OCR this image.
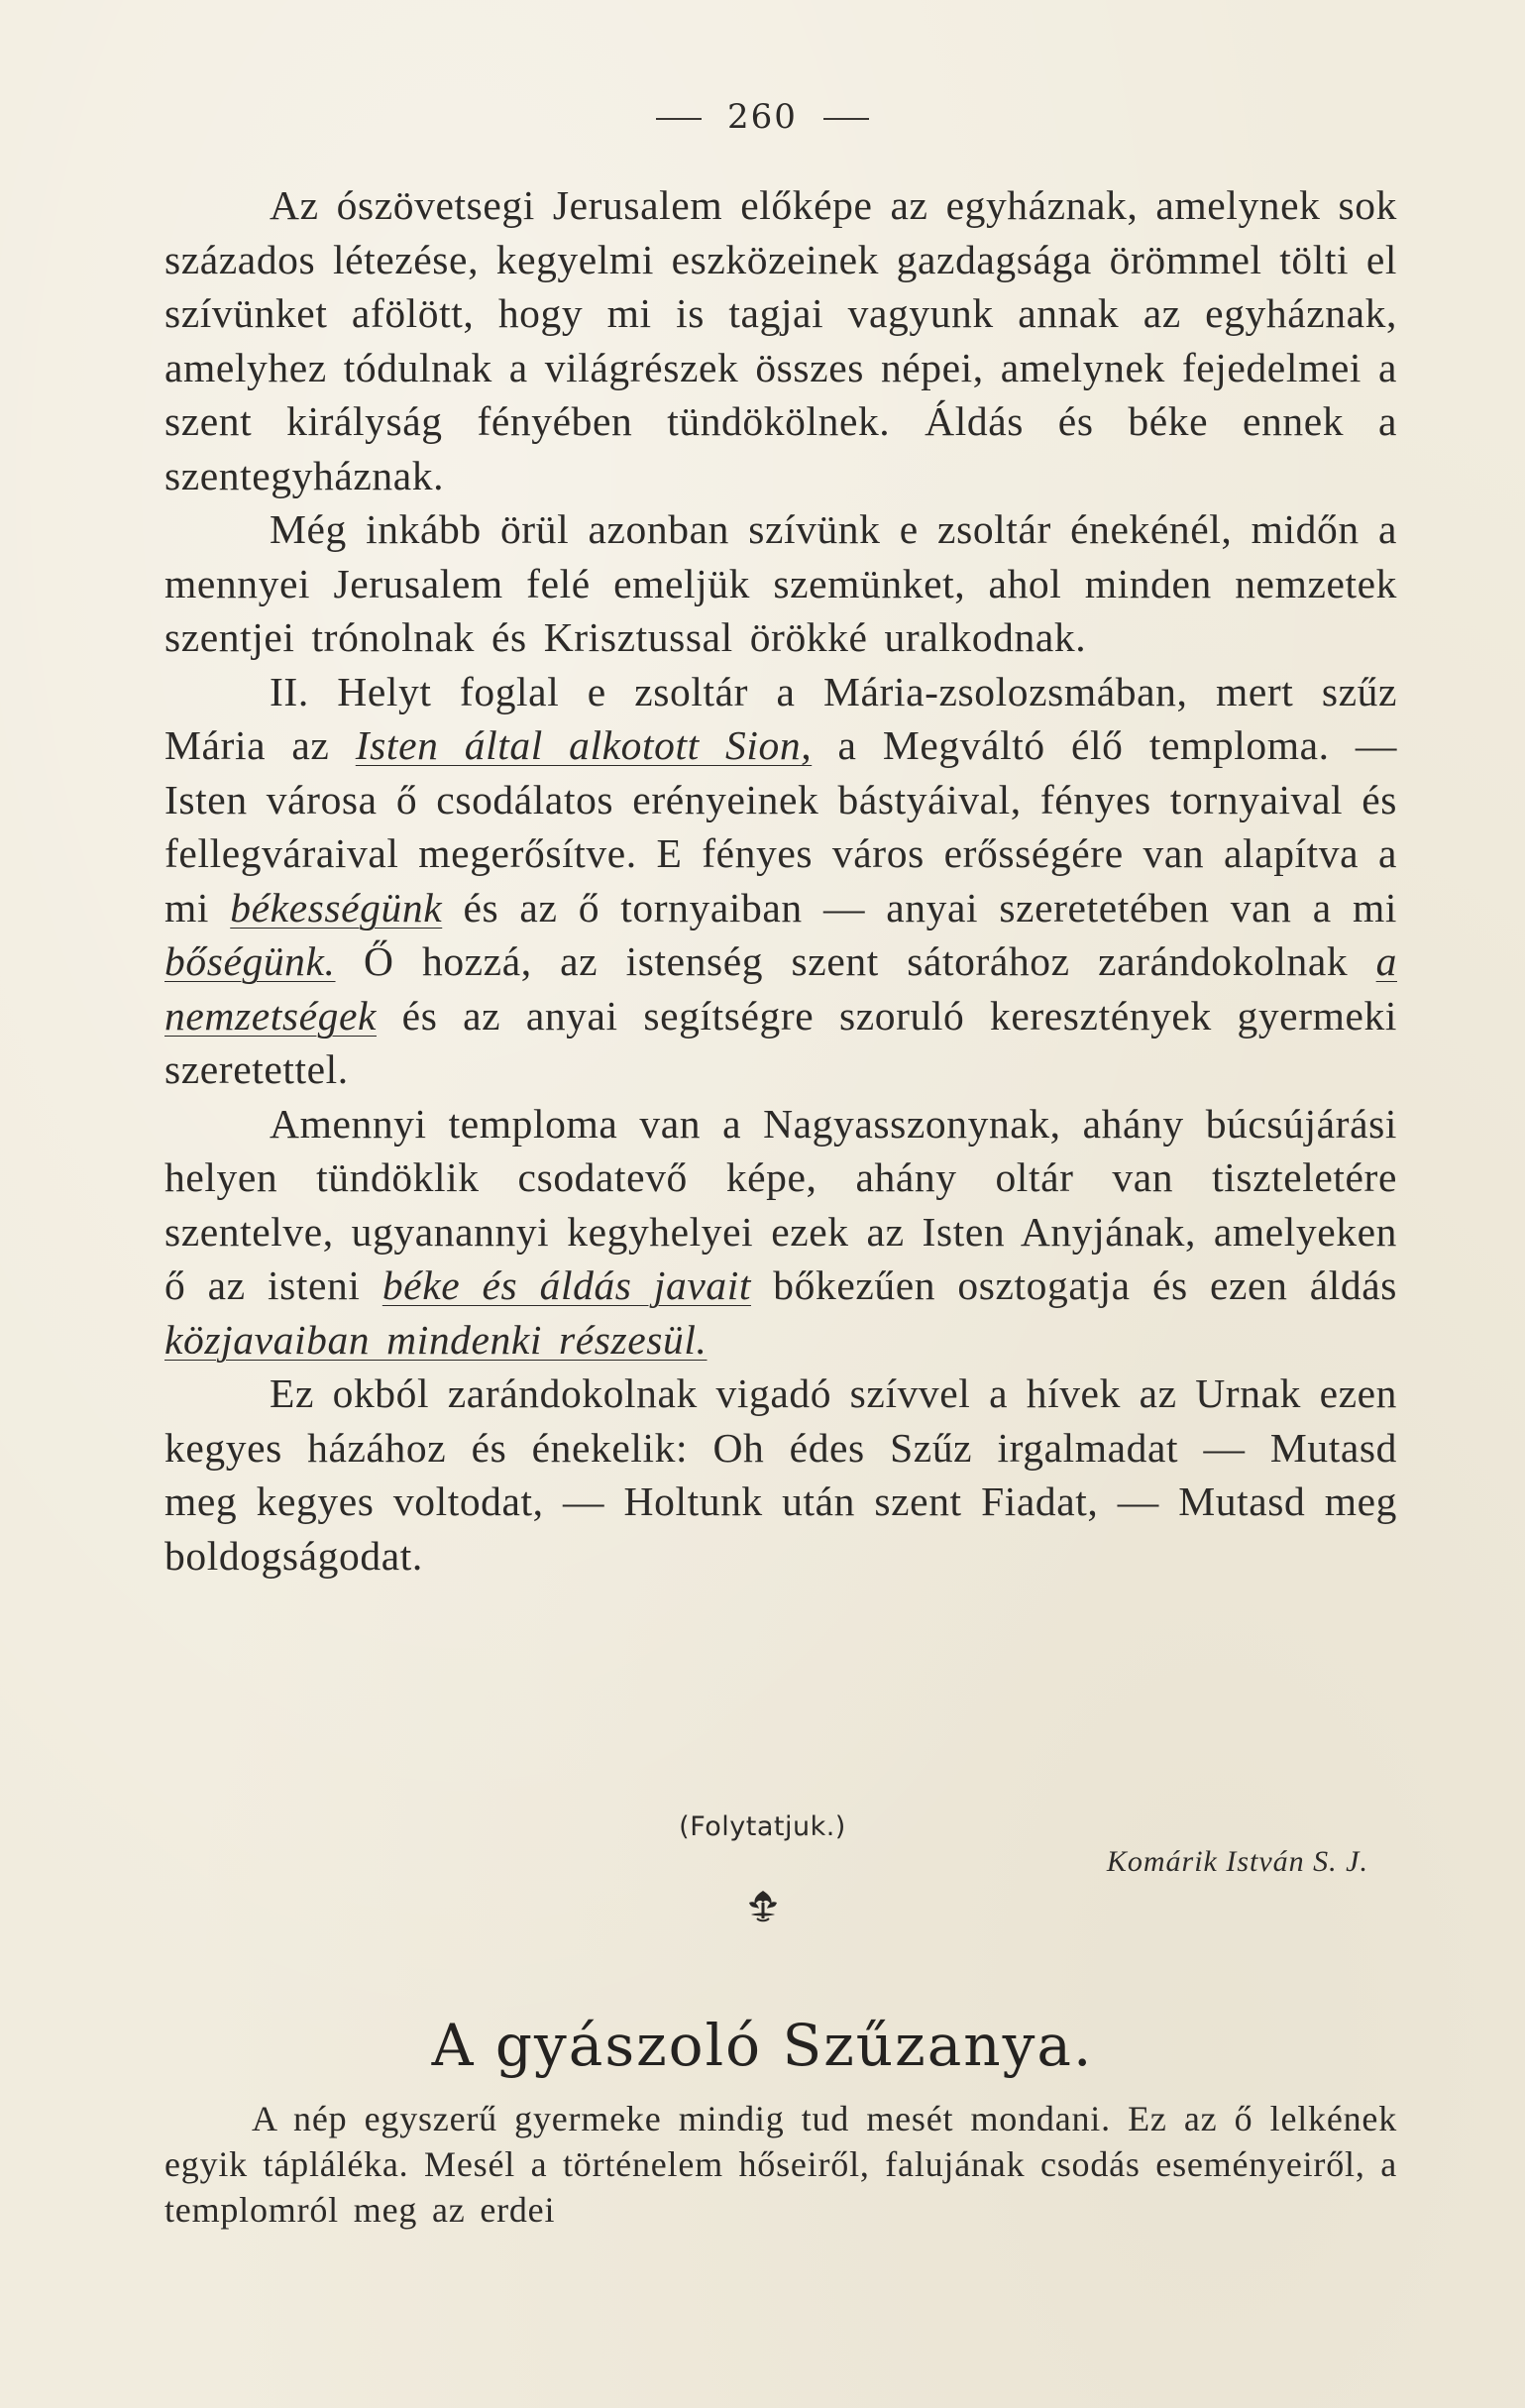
260

Az ószövetsegi Jerusalem előképe az egyháznak, amelynek sok százados létezése, kegyelmi eszközeinek gazdagsága örömmel tölti el szívünket afölött, hogy mi is tagjai vagyunk annak az egyháznak, amelyhez tódulnak a világrészek összes népei, amelynek fejedelmei a szent királyság fényében tündökölnek. Áldás és béke ennek a szentegyháznak.

Még inkább örül azonban szívünk e zsoltár énekénél, midőn a mennyei Jerusalem felé emeljük szemünket, ahol minden nemzetek szentjei trónolnak és Krisztussal örökké uralkodnak.

II. Helyt foglal e zsoltár a Mária-zsolozsmában, mert szűz Mária az Isten által alkotott Sion, a Megváltó élő temploma. — Isten városa ő csodálatos erényeinek bástyáival, fényes tornyaival és fellegváraival megerősítve. E fényes város erősségére van alapítva a mi békességünk és az ő tornyaiban — anyai szeretetében van a mi bőségünk. Ő hozzá, az istenség szent sátorához zarándokolnak a nemzetségek és az anyai segítségre szoruló keresztények gyermeki szeretettel.

Amennyi temploma van a Nagyasszonynak, ahány búcsújárási helyen tündöklik csodatevő képe, ahány oltár van tiszteletére szentelve, ugyanannyi kegyhelyei ezek az Isten Anyjának, amelyeken ő az isteni béke és áldás javait bőkezűen osztogatja és ezen áldás közjavaiban mindenki részesül.

Ez okból zarándokolnak vigadó szívvel a hívek az Urnak ezen kegyes házához és énekelik: Oh édes Szűz irgalmadat — Mutasd meg kegyes voltodat, — Holtunk után szent Fiadat, — Mutasd meg boldogságodat.

(Folytatjuk.)
Komárik István S. J.
A gyászoló Szűzanya.

A nép egyszerű gyermeke mindig tud mesét mondani. Ez az ő lelkének egyik tápláléka. Mesél a történelem hőseiről, falujának csodás eseményeiről, a templomról meg az erdei
